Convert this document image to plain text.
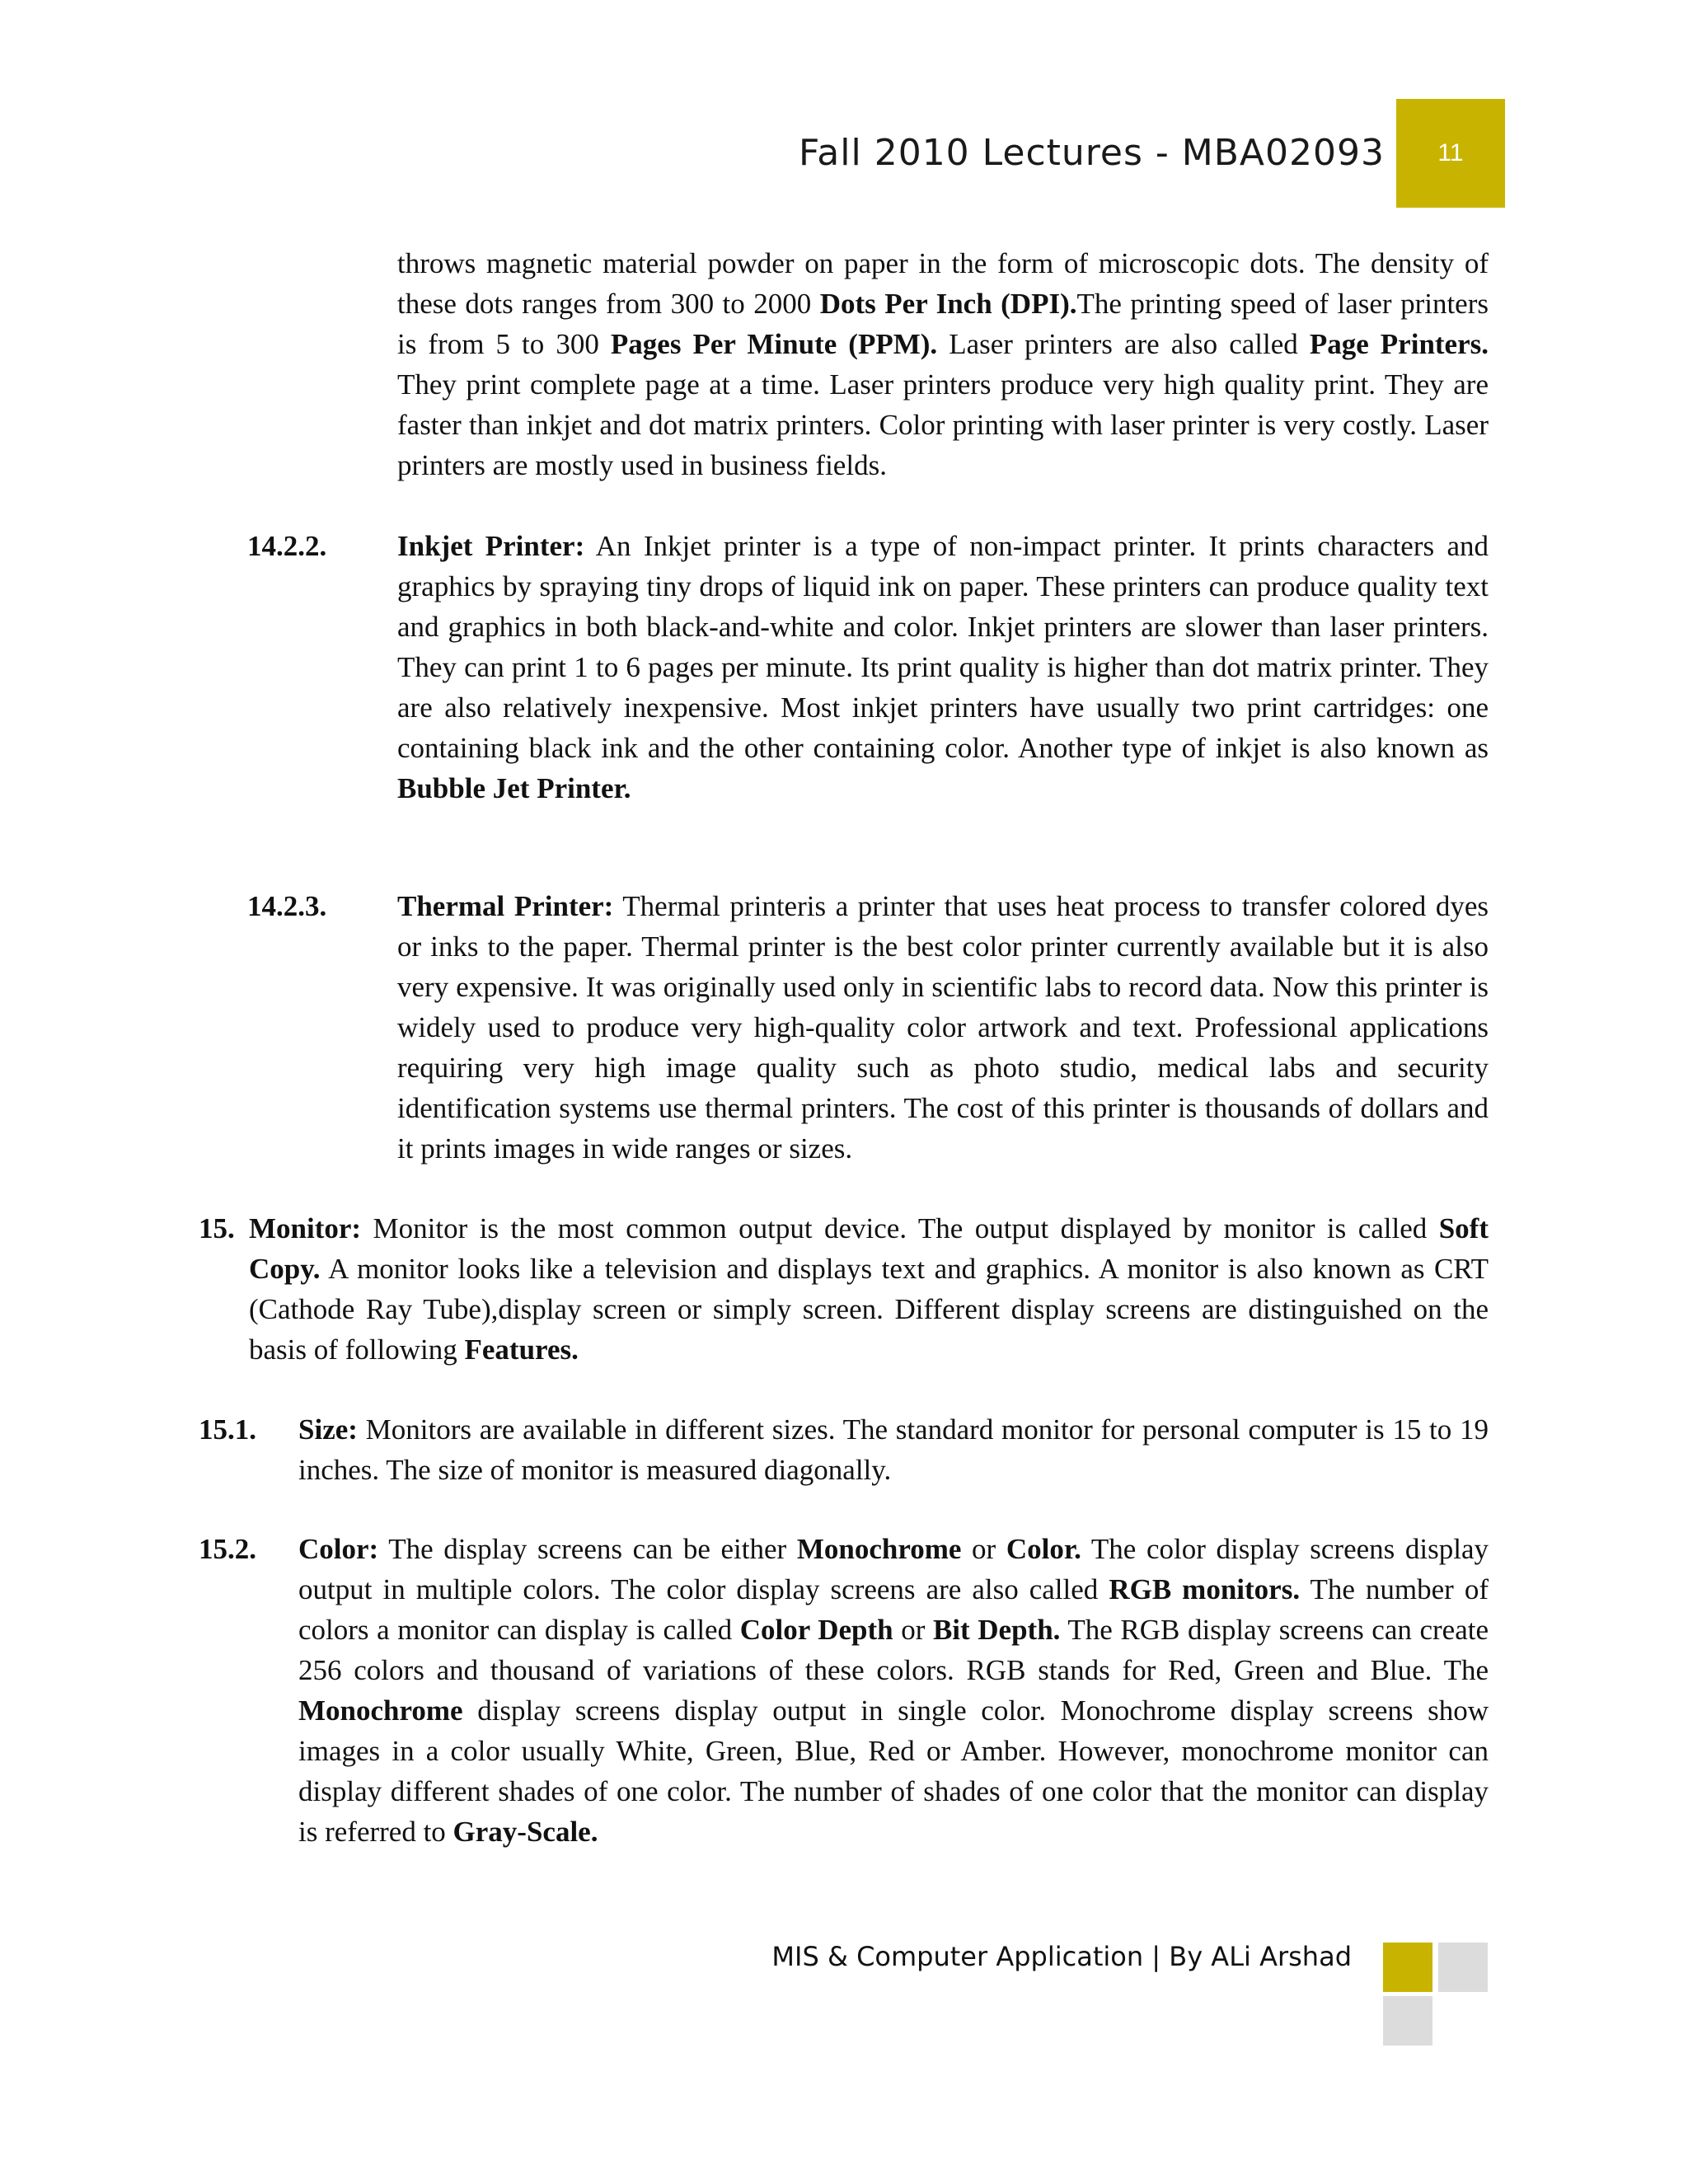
Fall 2010 Lectures - MBA02093 11

throws magnetic material powder on paper in the form of microscopic dots. The density of these dots ranges from 300 to 2000 Dots Per Inch (DPI).The printing speed of laser printers is from 5 to 300 Pages Per Minute (PPM). Laser printers are also called Page Printers. They print complete page at a time. Laser printers produce very high quality print. They are faster than inkjet and dot matrix printers. Color printing with laser printer is very costly. Laser printers are mostly used in business fields.

14.2.2. Inkjet Printer: An Inkjet printer is a type of non-impact printer. It prints characters and graphics by spraying tiny drops of liquid ink on paper. These printers can produce quality text and graphics in both black-and-white and color. Inkjet printers are slower than laser printers. They can print 1 to 6 pages per minute. Its print quality is higher than dot matrix printer. They are also relatively inexpensive. Most inkjet printers have usually two print cartridges: one containing black ink and the other containing color. Another type of inkjet is also known as Bubble Jet Printer.

14.2.3. Thermal Printer: Thermal printeris a printer that uses heat process to transfer colored dyes or inks to the paper. Thermal printer is the best color printer currently available but it is also very expensive. It was originally used only in scientific labs to record data. Now this printer is widely used to produce very high-quality color artwork and text. Professional applications requiring very high image quality such as photo studio, medical labs and security identification systems use thermal printers. The cost of this printer is thousands of dollars and it prints images in wide ranges or sizes.

15. Monitor: Monitor is the most common output device. The output displayed by monitor is called Soft Copy. A monitor looks like a television and displays text and graphics. A monitor is also known as CRT (Cathode Ray Tube),display screen or simply screen. Different display screens are distinguished on the basis of following Features.

15.1. Size: Monitors are available in different sizes. The standard monitor for personal computer is 15 to 19 inches. The size of monitor is measured diagonally.

15.2. Color: The display screens can be either Monochrome or Color. The color display screens display output in multiple colors. The color display screens are also called RGB monitors. The number of colors a monitor can display is called Color Depth or Bit Depth. The RGB display screens can create 256 colors and thousand of variations of these colors. RGB stands for Red, Green and Blue. The Monochrome display screens display output in single color. Monochrome display screens show images in a color usually White, Green, Blue, Red or Amber. However, monochrome monitor can display different shades of one color. The number of shades of one color that the monitor can display is referred to Gray-Scale.

MIS & Computer Application | By ALi Arshad
